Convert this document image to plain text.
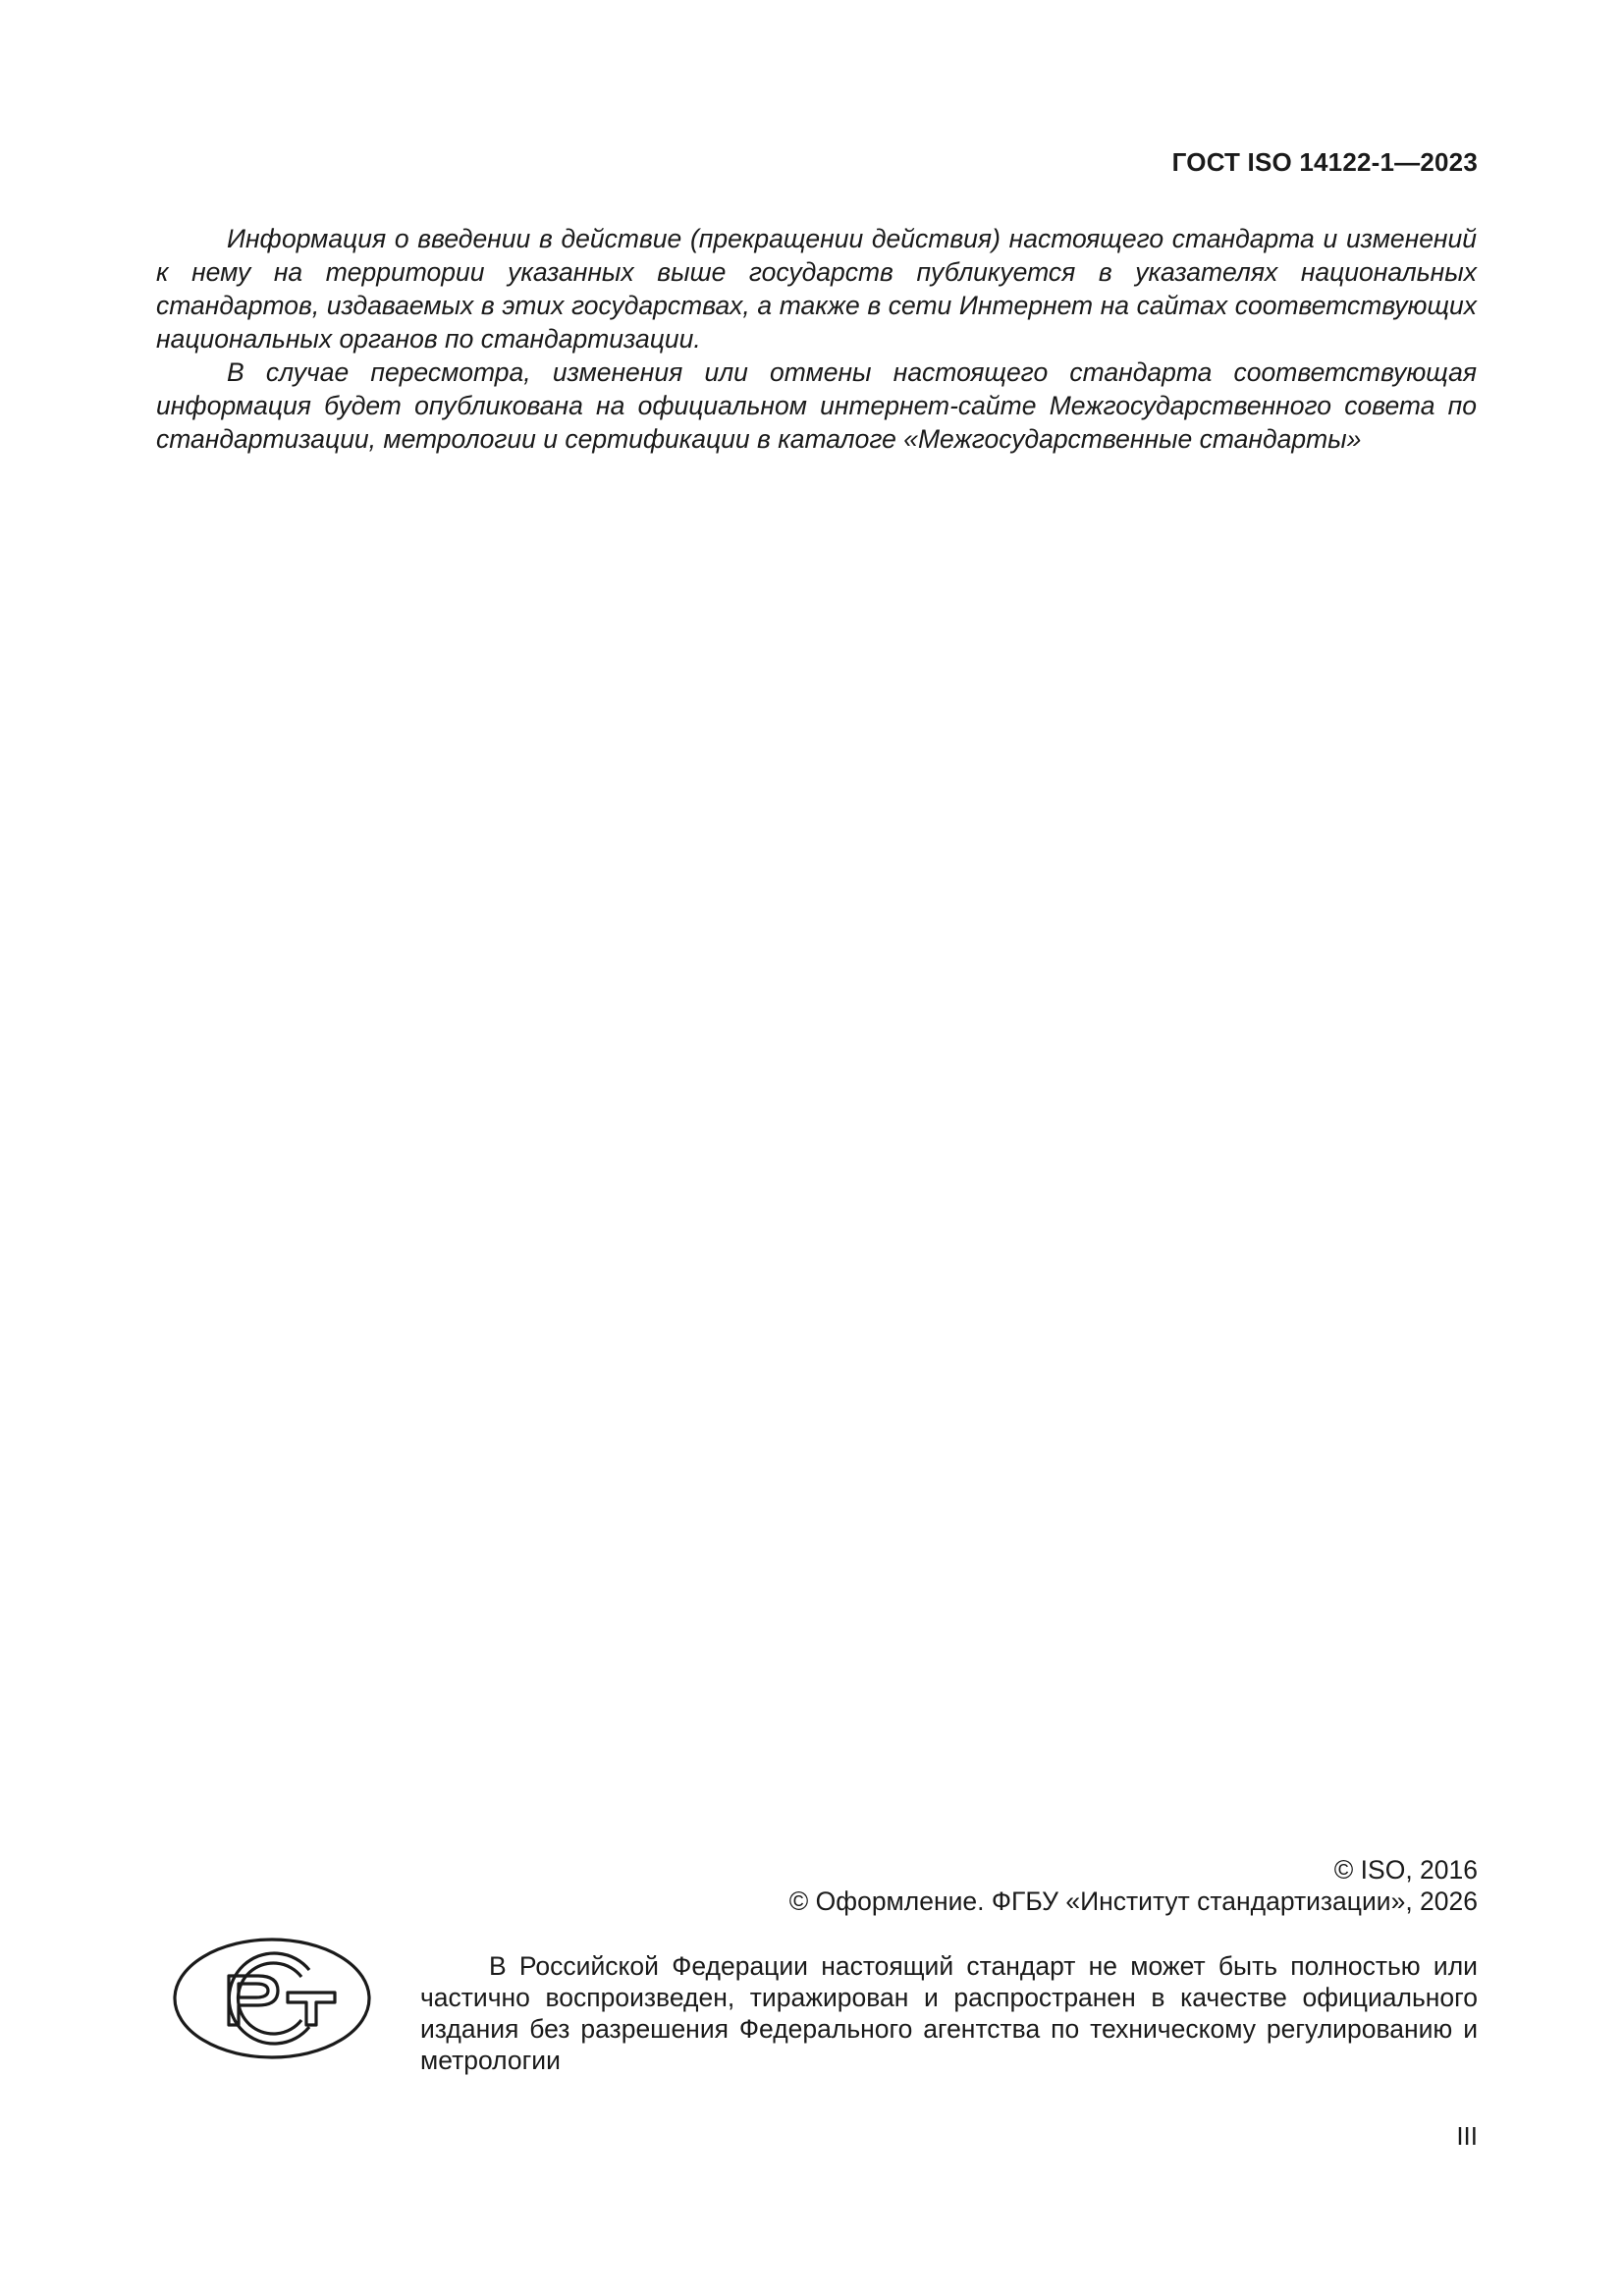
ГОСТ ISO 14122-1—2023

Информация о введении в действие (прекращении действия) настоящего стандарта и изменений к нему на территории указанных выше государств публикуется в указателях национальных стандартов, издаваемых в этих государствах, а также в сети Интернет на сайтах соответствующих национальных органов по стандартизации.

В случае пересмотра, изменения или отмены настоящего стандарта соответствующая информация будет опубликована на официальном интернет-сайте Межгосударственного совета по стандартизации, метрологии и сертификации в каталоге «Межгосударственные стандарты»

© ISO, 2016
© Оформление. ФГБУ «Институт стандартизации», 2026

В Российской Федерации настоящий стандарт не может быть полностью или частично воспроизведен, тиражирован и распространен в качестве официального издания без разрешения Федерального агентства по техническому регулированию и метрологии

III
